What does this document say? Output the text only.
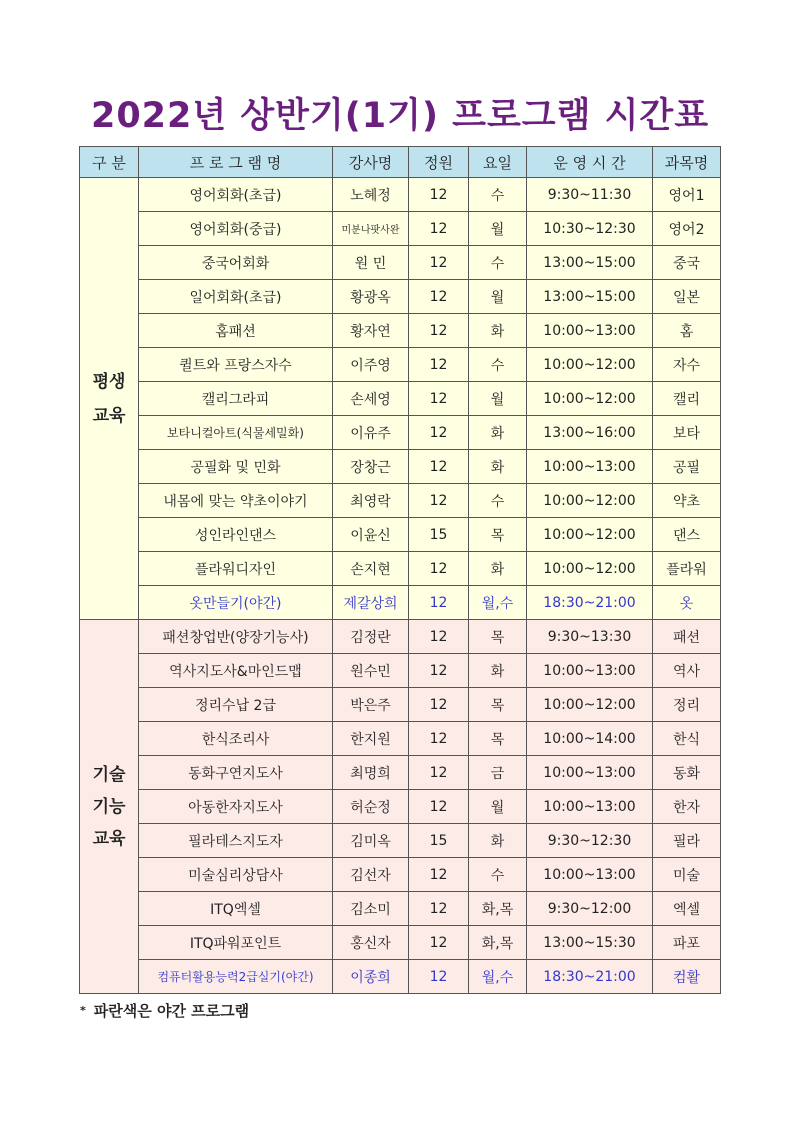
2022년 상반기(1기) 프로그램 시간표
구 분	프 로 그 램 명	강사명	정원	요일	운 영 시 간	과목명
평생
교육	영어회화(초급)	노혜정	12	수	9:30~11:30	영어1
	영어회화(중급)	미분나팟사완	12	월	10:30~12:30	영어2
	중국어회화	원 민	12	수	13:00~15:00	중국
	일어회화(초급)	황광옥	12	월	13:00~15:00	일본
	홈패션	황자연	12	화	10:00~13:00	홈
	퀼트와 프랑스자수	이주영	12	수	10:00~12:00	자수
	캘리그라피	손세영	12	월	10:00~12:00	캘리
	보타니컬아트(식물세밀화)	이유주	12	화	13:00~16:00	보타
	공필화 및 민화	장창근	12	화	10:00~13:00	공필
	내몸에 맞는 약초이야기	최영락	12	수	10:00~12:00	약초
	성인라인댄스	이윤신	15	목	10:00~12:00	댄스
	플라워디자인	손지현	12	화	10:00~12:00	플라워
	옷만들기(야간)	제갈상희	12	월,수	18:30~21:00	옷
기술
기능
교육	패션창업반(양장기능사)	김정란	12	목	9:30~13:30	패션
	역사지도사&마인드맵	원수민	12	화	10:00~13:00	역사
	정리수납 2급	박은주	12	목	10:00~12:00	정리
	한식조리사	한지원	12	목	10:00~14:00	한식
	동화구연지도사	최명희	12	금	10:00~13:00	동화
	아동한자지도사	허순정	12	월	10:00~13:00	한자
	필라테스지도자	김미옥	15	화	9:30~12:30	필라
	미술심리상담사	김선자	12	수	10:00~13:00	미술
	ITQ엑셀	김소미	12	화,목	9:30~12:00	엑셀
	ITQ파워포인트	홍신자	12	화,목	13:00~15:30	파포
	컴퓨터활용능력2급실기(야간)	이종희	12	월,수	18:30~21:00	컴활
* 파란색은 야간 프로그램
